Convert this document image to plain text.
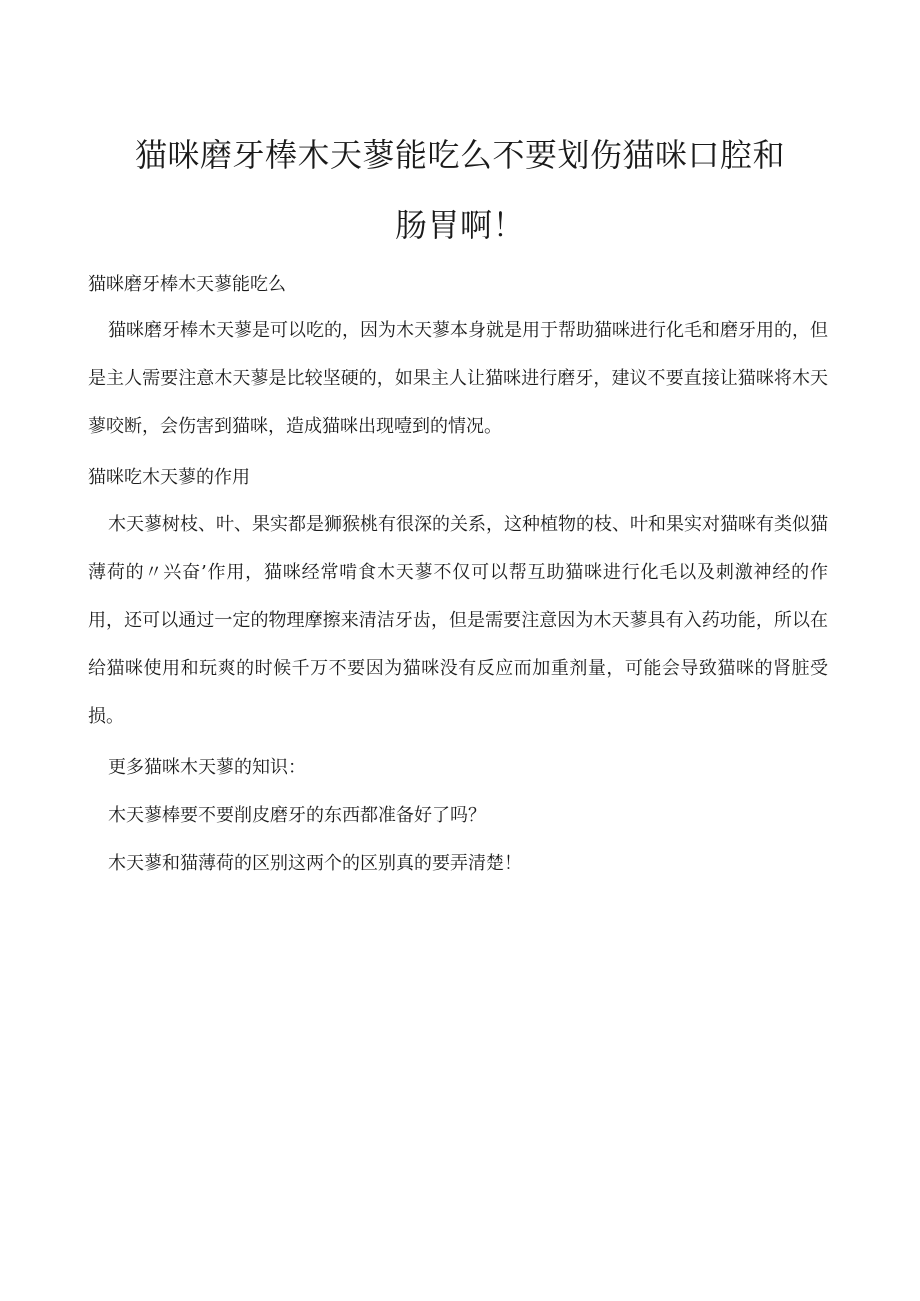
猫咪磨牙棒木天蓼能吃么不要划伤猫咪口腔和
肠胃啊！

猫咪磨牙棒木天蓼能吃么

猫咪磨牙棒木天蓼是可以吃的，因为木天蓼本身就是用于帮助猫咪进行化毛和磨牙用的，但是主人需要注意木天蓼是比较坚硬的，如果主人让猫咪进行磨牙，建议不要直接让猫咪将木天蓼咬断，会伤害到猫咪，造成猫咪出现噎到的情况。

猫咪吃木天蓼的作用

木天蓼树枝、叶、果实都是狮猴桃有很深的关系，这种植物的枝、叶和果实对猫咪有类似猫薄荷的〃兴奋’作用，猫咪经常啃食木天蓼不仅可以帮互助猫咪进行化毛以及刺激神经的作用，还可以通过一定的物理摩擦来清洁牙齿，但是需要注意因为木天蓼具有入药功能，所以在给猫咪使用和玩爽的时候千万不要因为猫咪没有反应而加重剂量，可能会导致猫咪的肾脏受损。

更多猫咪木天蓼的知识：

木天蓼棒要不要削皮磨牙的东西都准备好了吗？

木天蓼和猫薄荷的区别这两个的区别真的要弄清楚！
